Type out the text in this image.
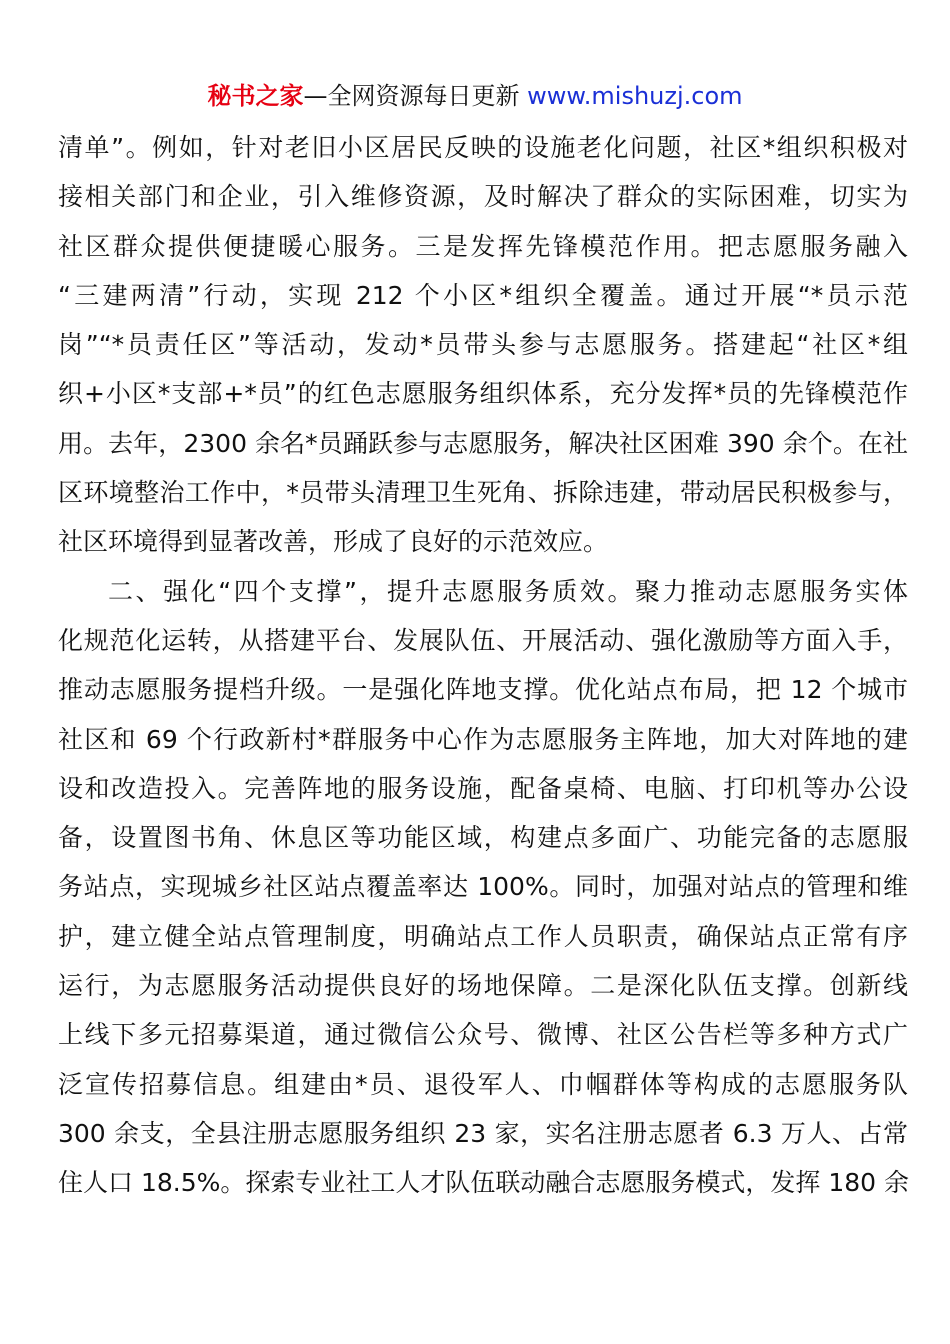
秘书之家—全网资源每日更新 www.mishuzj.com
清单”。例如，针对老旧小区居民反映的设施老化问题，社区*组织积极对
接相关部门和企业，引入维修资源，及时解决了群众的实际困难，切实为
社区群众提供便捷暖心服务。三是发挥先锋模范作用。把志愿服务融入
“三建两清”行动，实现 212 个小区*组织全覆盖。通过开展“*员示范
岗”“*员责任区”等活动，发动*员带头参与志愿服务。搭建起“社区*组
织+小区*支部+*员”的红色志愿服务组织体系，充分发挥*员的先锋模范作
用。去年，2300 余名*员踊跃参与志愿服务，解决社区困难 390 余个。在社
区环境整治工作中，*员带头清理卫生死角、拆除违建，带动居民积极参与，
社区环境得到显著改善，形成了良好的示范效应。
二、强化“四个支撑”，提升志愿服务质效。聚力推动志愿服务实体
化规范化运转，从搭建平台、发展队伍、开展活动、强化激励等方面入手，
推动志愿服务提档升级。一是强化阵地支撑。优化站点布局，把 12 个城市
社区和 69 个行政新村*群服务中心作为志愿服务主阵地，加大对阵地的建
设和改造投入。完善阵地的服务设施，配备桌椅、电脑、打印机等办公设
备，设置图书角、休息区等功能区域，构建点多面广、功能完备的志愿服
务站点，实现城乡社区站点覆盖率达 100%。同时，加强对站点的管理和维
护，建立健全站点管理制度，明确站点工作人员职责，确保站点正常有序
运行，为志愿服务活动提供良好的场地保障。二是深化队伍支撑。创新线
上线下多元招募渠道，通过微信公众号、微博、社区公告栏等多种方式广
泛宣传招募信息。组建由*员、退役军人、巾帼群体等构成的志愿服务队
300 余支，全县注册志愿服务组织 23 家，实名注册志愿者 6.3 万人、占常
住人口 18.5%。探索专业社工人才队伍联动融合志愿服务模式，发挥 180 余
